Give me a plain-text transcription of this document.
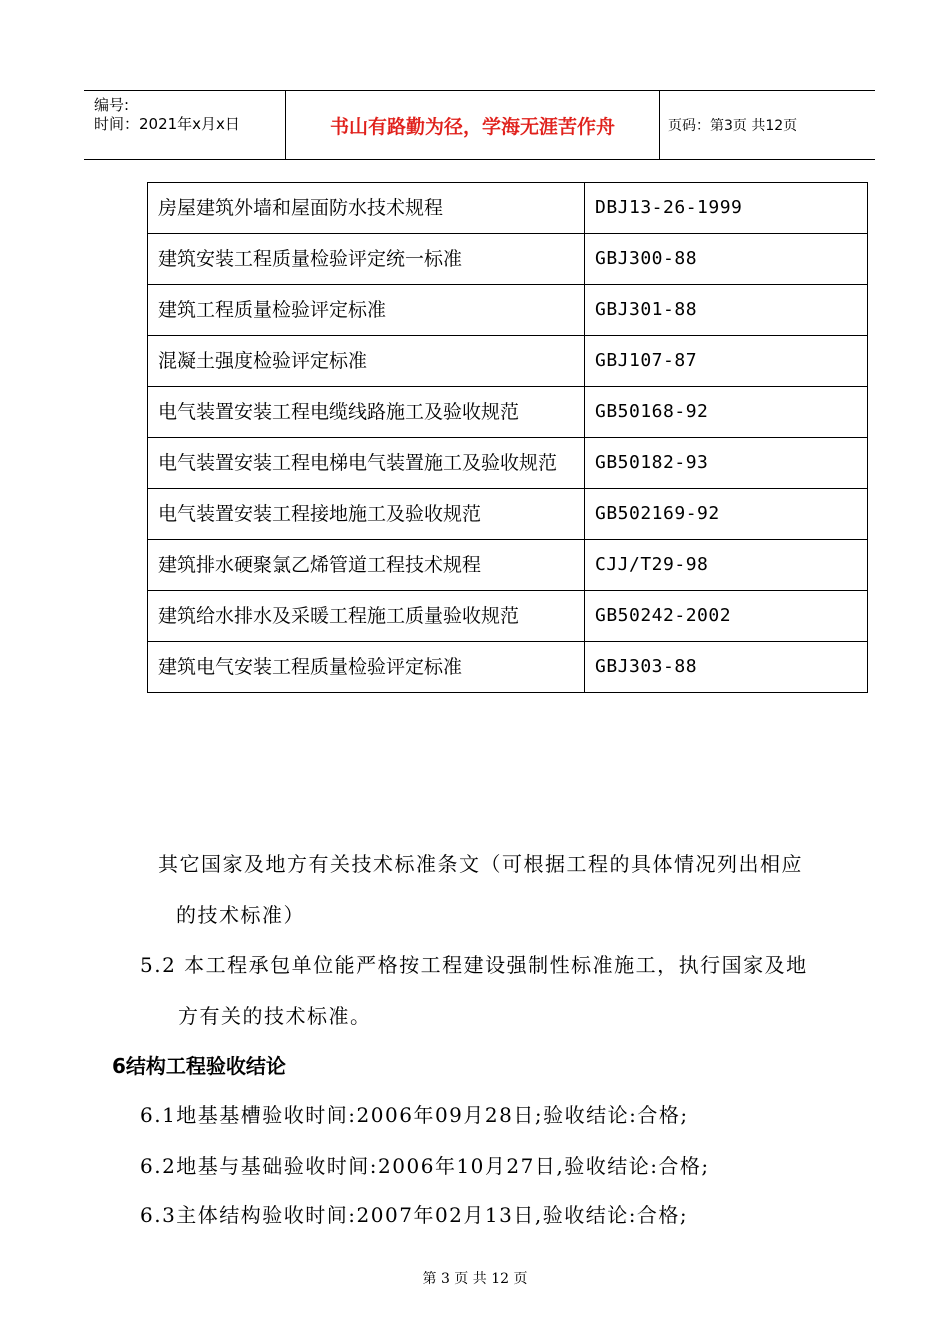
编号:
时间：2021年x月x日	书山有路勤为径，学海无涯苦作舟	页码：第3页 共12页
房屋建筑外墙和屋面防水技术规程	DBJ13-26-1999
建筑安装工程质量检验评定统一标准	GBJ300-88
建筑工程质量检验评定标准	GBJ301-88
混凝土强度检验评定标准	GBJ107-87
电气装置安装工程电缆线路施工及验收规范	GB50168-92
电气装置安装工程电梯电气装置施工及验收规范	GB50182-93
电气装置安装工程接地施工及验收规范	GB502169-92
建筑排水硬聚氯乙烯管道工程技术规程	CJJ/T29-98
建筑给水排水及采暖工程施工质量验收规范	GB50242-2002
建筑电气安装工程质量检验评定标准	GBJ303-88
其它国家及地方有关技术标准条文（可根据工程的具体情况列出相应
的技术标准）
5.2 本工程承包单位能严格按工程建设强制性标准施工，执行国家及地
方有关的技术标准。
6结构工程验收结论
6.1地基基槽验收时间:2006年09月28日;验收结论:合格;
6.2地基与基础验收时间:2006年10月27日,验收结论:合格;
6.3主体结构验收时间:2007年02月13日,验收结论:合格;
第 3 页 共 12 页
